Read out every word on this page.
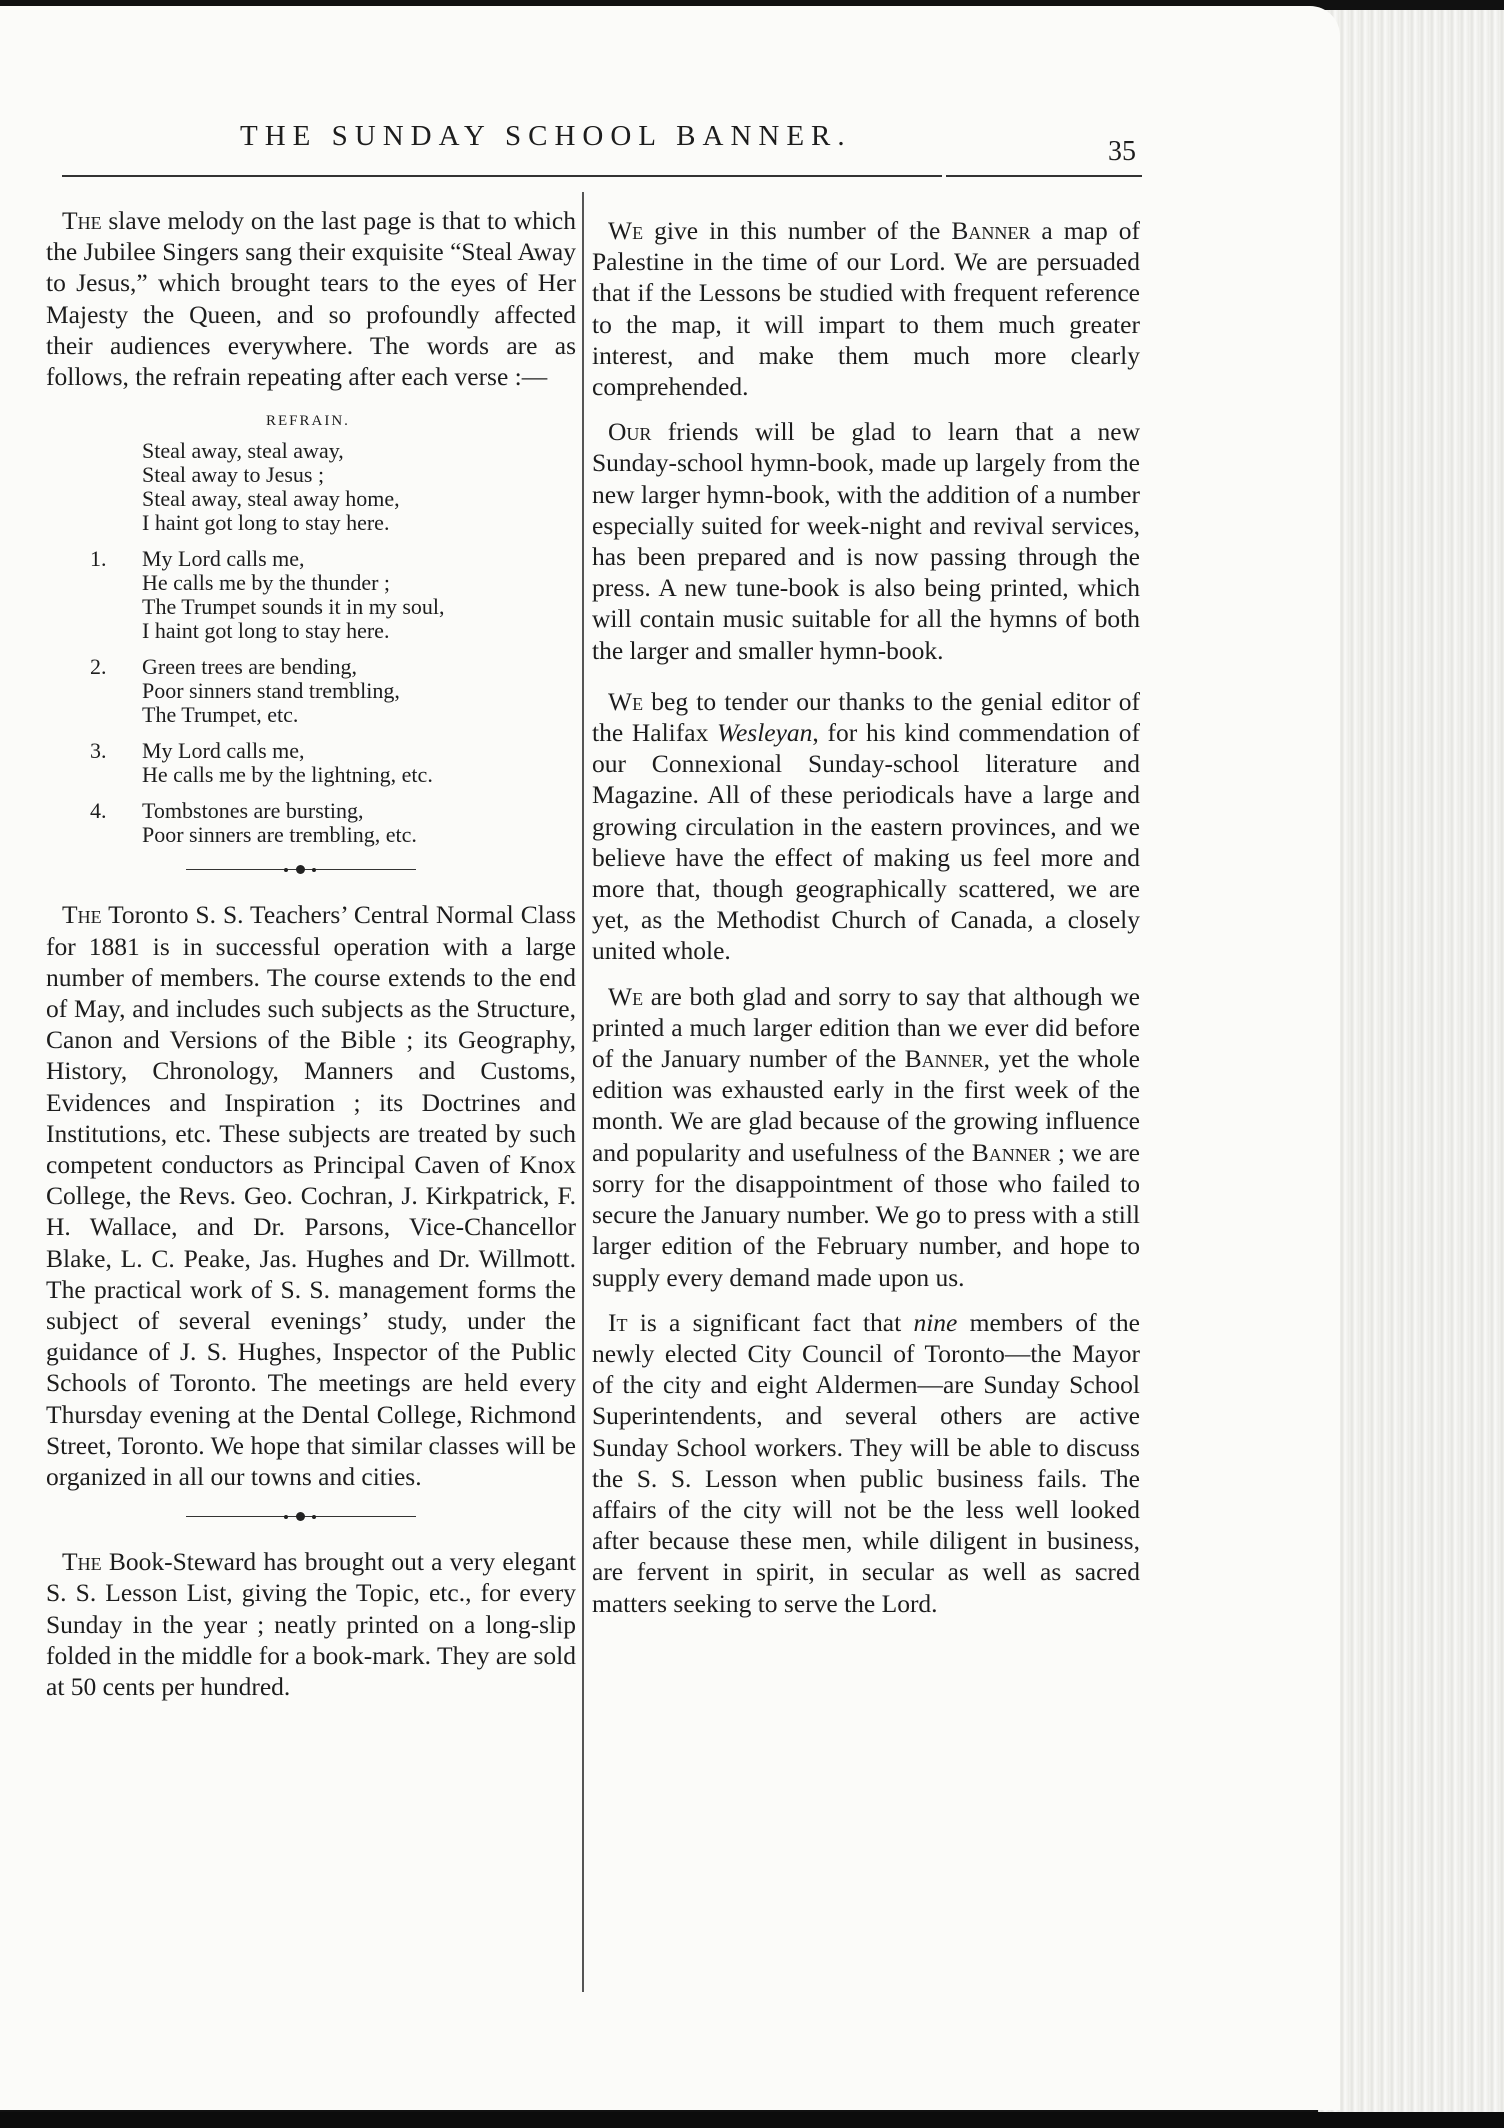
THE SUNDAY SCHOOL BANNER.	35

The slave melody on the last page is that to which the Jubilee Singers sang their exquisite “Steal Away to Jesus,” which brought tears to the eyes of Her Majesty the Queen, and so profoundly affected their audiences everywhere. The words are as follows, the refrain repeating after each verse :—

REFRAIN.
Steal away, steal away,
Steal away to Jesus ;
Steal away, steal away home,
I haint got long to stay here.
1. My Lord calls me,
He calls me by the thunder ;
The Trumpet sounds it in my soul,
I haint got long to stay here.
2. Green trees are bending,
Poor sinners stand trembling,
The Trumpet, etc.
3. My Lord calls me,
He calls me by the lightning, etc.
4. Tombstones are bursting,
Poor sinners are trembling, etc.

The Toronto S. S. Teachers’ Central Normal Class for 1881 is in successful operation with a large number of members. The course extends to the end of May, and includes such subjects as the Structure, Canon and Versions of the Bible ; its Geography, History, Chronology, Manners and Customs, Evidences and Inspiration ; its Doctrines and Institutions, etc. These subjects are treated by such competent conductors as Principal Caven of Knox College, the Revs. Geo. Cochran, J. Kirkpatrick, F. H. Wallace, and Dr. Parsons, Vice-Chancellor Blake, L. C. Peake, Jas. Hughes and Dr. Willmott. The practical work of S. S. management forms the subject of several evenings’ study, under the guidance of J. S. Hughes, Inspector of the Public Schools of Toronto. The meetings are held every Thursday evening at the Dental College, Richmond Street, Toronto. We hope that similar classes will be organized in all our towns and cities.

The Book-Steward has brought out a very elegant S. S. Lesson List, giving the Topic, etc., for every Sunday in the year ; neatly printed on a long-slip folded in the middle for a book-mark. They are sold at 50 cents per hundred.

We give in this number of the Banner a map of Palestine in the time of our Lord. We are persuaded that if the Lessons be studied with frequent reference to the map, it will impart to them much greater interest, and make them much more clearly comprehended.

Our friends will be glad to learn that a new Sunday-school hymn-book, made up largely from the new larger hymn-book, with the addition of a number especially suited for week-night and revival services, has been prepared and is now passing through the press. A new tune-book is also being printed, which will contain music suitable for all the hymns of both the larger and smaller hymn-book.

We beg to tender our thanks to the genial editor of the Halifax Wesleyan, for his kind commendation of our Connexional Sunday-school literature and Magazine. All of these periodicals have a large and growing circulation in the eastern provinces, and we believe have the effect of making us feel more and more that, though geographically scattered, we are yet, as the Methodist Church of Canada, a closely united whole.

We are both glad and sorry to say that although we printed a much larger edition than we ever did before of the January number of the Banner, yet the whole edition was exhausted early in the first week of the month. We are glad because of the growing influence and popularity and usefulness of the Banner ; we are sorry for the disappointment of those who failed to secure the January number. We go to press with a still larger edition of the February number, and hope to supply every demand made upon us.

It is a significant fact that nine members of the newly elected City Council of Toronto—the Mayor of the city and eight Aldermen—are Sunday School Superintendents, and several others are active Sunday School workers. They will be able to discuss the S. S. Lesson when public business fails. The affairs of the city will not be the less well looked after because these men, while diligent in business, are fervent in spirit, in secular as well as sacred matters seeking to serve the Lord.
